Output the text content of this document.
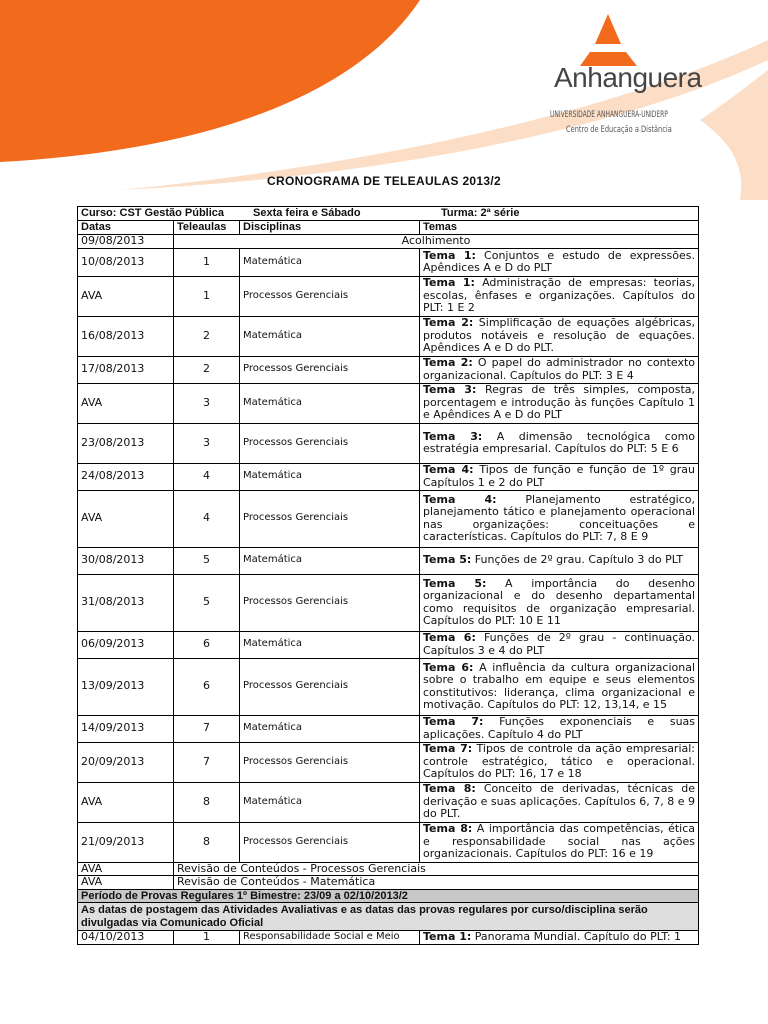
Anhanguera
UNIVERSIDADE ANHANGUERA-UNIDERP
Centro de Educação a Distância
CRONOGRAMA DE TELEAULAS 2013/2
Curso: CST Gestão Pública Sexta feira e Sábado Turma: 2ª série			
Datas	Teleaulas	Disciplinas	Temas
09/08/2013	Acolhimento		
10/08/2013	1	Matemática	Tema 1: Conjuntos e estudo de expressões. Apêndices A e D do PLT
AVA	1	Processos Gerenciais	Tema 1: Administração de empresas: teorias, escolas, ênfases e organizações. Capítulos do PLT: 1 E 2
16/08/2013	2	Matemática	Tema 2: Simplificação de equações algébricas, produtos notáveis e resolução de equações. Apêndices A e D do PLT.
17/08/2013	2	Processos Gerenciais	Tema 2: O papel do administrador no contexto organizacional. Capítulos do PLT: 3 E 4
AVA	3	Matemática	Tema 3: Regras de três simples, composta, porcentagem e introdução às funções Capítulo 1 e Apêndices A e D do PLT
23/08/2013	3	Processos Gerenciais	Tema 3: A dimensão tecnológica como estratégia empresarial. Capítulos do PLT: 5 E 6
24/08/2013	4	Matemática	Tema 4: Tipos de função e função de 1º grau Capítulos 1 e 2 do PLT
AVA	4	Processos Gerenciais	Tema 4: Planejamento estratégico, planejamento tático e planejamento operacional nas organizações: conceituações e características. Capítulos do PLT: 7, 8 E 9
30/08/2013	5	Matemática	Tema 5: Funções de 2º grau. Capítulo 3 do PLT
31/08/2013	5	Processos Gerenciais	Tema 5: A importância do desenho organizacional e do desenho departamental como requisitos de organização empresarial. Capítulos do PLT: 10 E 11
06/09/2013	6	Matemática	Tema 6: Funções de 2º grau - continuação. Capítulos 3 e 4 do PLT
13/09/2013	6	Processos Gerenciais	Tema 6: A influência da cultura organizacional sobre o trabalho em equipe e seus elementos constitutivos: liderança, clima organizacional e motivação. Capítulos do PLT: 12, 13,14, e 15
14/09/2013	7	Matemática	Tema 7: Funções exponenciais e suas aplicações. Capítulo 4 do PLT
20/09/2013	7	Processos Gerenciais	Tema 7: Tipos de controle da ação empresarial: controle estratégico, tático e operacional. Capítulos do PLT: 16, 17 e 18
AVA	8	Matemática	Tema 8: Conceito de derivadas, técnicas de derivação e suas aplicações. Capítulos 6, 7, 8 e 9 do PLT.
21/09/2013	8	Processos Gerenciais	Tema 8: A importância das competências, ética e responsabilidade social nas ações organizacionais. Capítulos do PLT: 16 e 19
AVA	Revisão de Conteúdos - Processos Gerenciais		
AVA	Revisão de Conteúdos - Matemática		
Período de Provas Regulares 1º Bimestre: 23/09 a 02/10/2013/2			
As datas de postagem das Atividades Avaliativas e as datas das provas regulares por curso/disciplina serão divulgadas via Comunicado Oficial			
04/10/2013	1	Responsabilidade Social e Meio	Tema 1: Panorama Mundial. Capítulo do PLT: 1
